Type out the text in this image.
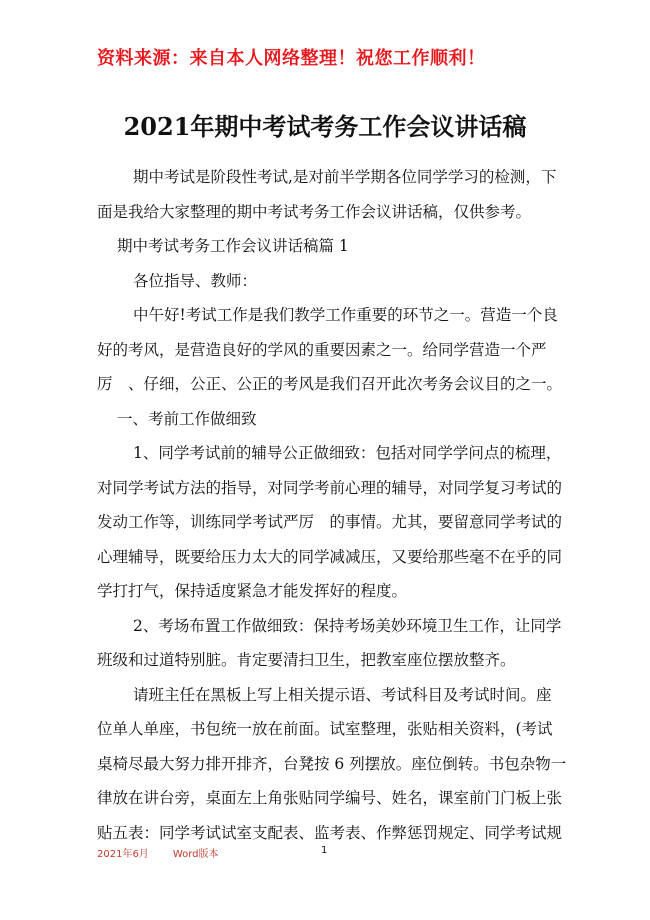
资料来源：来自本人网络整理！祝您工作顺利！
2021年期中考试考务工作会议讲话稿
期中考试是阶段性考试,是对前半学期各位同学学习的检测，下
面是我给大家整理的期中考试考务工作会议讲话稿，仅供参考。
期中考试考务工作会议讲话稿篇 1
各位指导、教师：
中午好!考试工作是我们教学工作重要的环节之一。营造一个良
好的考风，是营造良好的学风的重要因素之一。给同学营造一个严
厉　、仔细，公正、公正的考风是我们召开此次考务会议目的之一。
一、考前工作做细致
1、同学考试前的辅导公正做细致：包括对同学学问点的梳理，
对同学考试方法的指导，对同学考前心理的辅导，对同学复习考试的
发动工作等，训练同学考试严厉　的事情。尤其，要留意同学考试的
心理辅导，既要给压力太大的同学减减压，又要给那些毫不在乎的同
学打打气，保持适度紧急才能发挥好的程度。
2、考场布置工作做细致：保持考场美妙环境卫生工作，让同学
班级和过道特别脏。肯定要清扫卫生，把教室座位摆放整齐。
请班主任在黑板上写上相关提示语、考试科目及考试时间。座
位单人单座，书包统一放在前面。试室整理，张贴相关资料，(考试
桌椅尽最大努力排开排齐，台凳按 6 列摆放。座位倒转。书包杂物一
律放在讲台旁，桌面左上角张贴同学编号、姓名，课室前门门板上张
贴五表：同学考试试室支配表、监考表、作弊惩罚规定、同学考试规
2021年6月 Word版本	1
